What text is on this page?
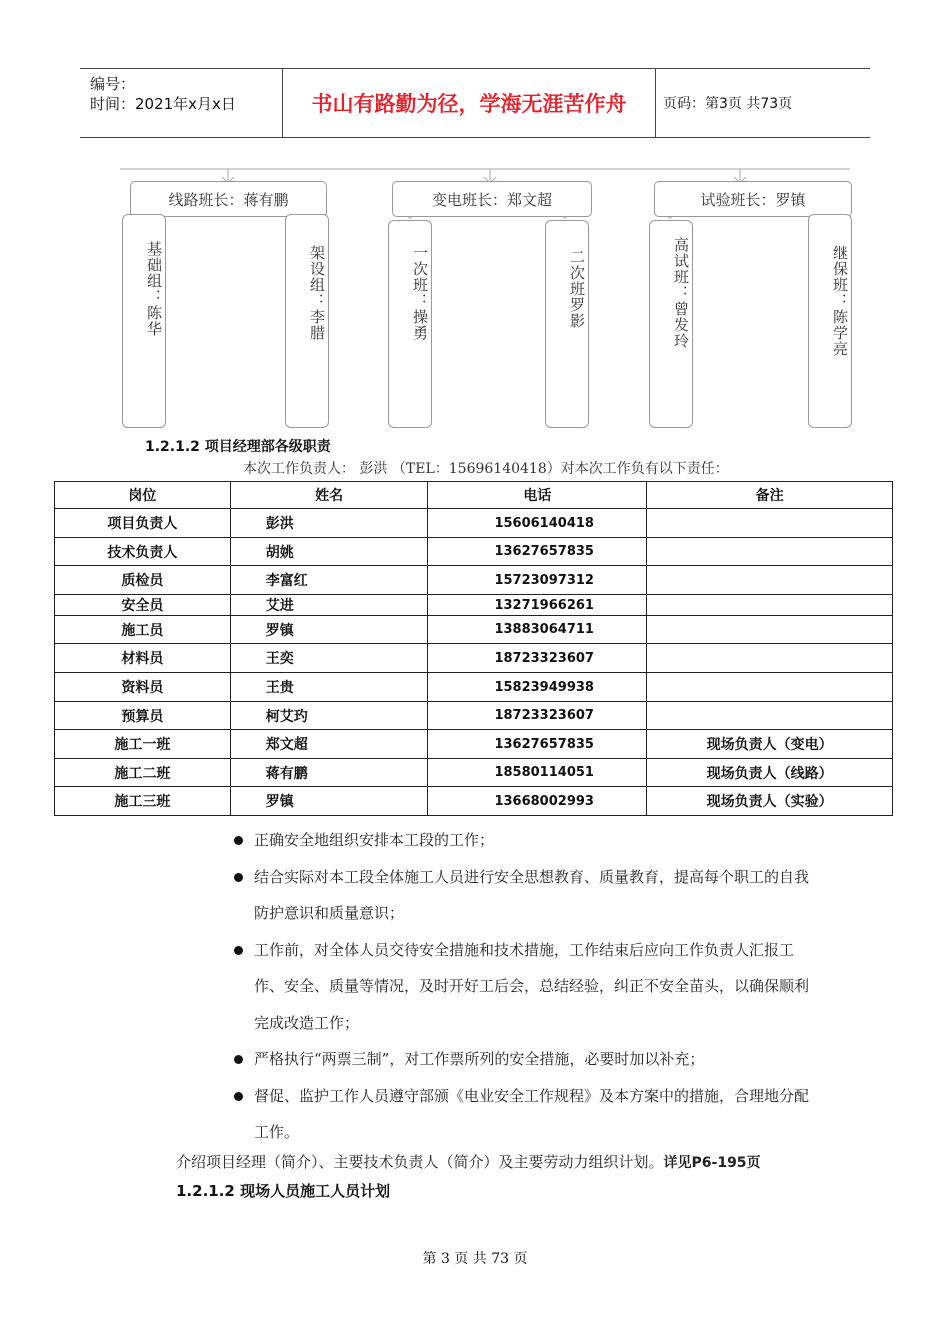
编号：
时间：2021年x月x日	书山有路勤为径，学海无涯苦作舟	页码：第3页 共73页
线路班长：蒋有鹏	变电班长：郑文超	试验班长：罗镇
基础组：陈华	架设组：李腊	一次班：操勇	二次班罗影	高试班：曾发玲	继保班：陈学亮
1.2.1.2 项目经理部各级职责
本次工作负责人： 彭洪 （TEL：15696140418）对本次工作负有以下责任：
岗位	姓名	电话	备注
项目负责人	彭洪	15606140418	
技术负责人	胡姚	13627657835	
质检员	李富红	15723097312	
安全员	艾进	13271966261	
施工员	罗镇	13883064711	
材料员	王奕	18723323607	
资料员	王贵	15823949938	
预算员	柯艾玓	18723323607	
施工一班	郑文超	13627657835	现场负责人（变电）
施工二班	蒋有鹏	18580114051	现场负责人（线路）
施工三班	罗镇	13668002993	现场负责人（实验）
正确安全地组织安排本工段的工作；
结合实际对本工段全体施工人员进行安全思想教育、质量教育，提高每个职工的自我防护意识和质量意识；
工作前，对全体人员交待安全措施和技术措施，工作结束后应向工作负责人汇报工作、安全、质量等情况，及时开好工后会，总结经验，纠正不安全苗头，以确保顺利完成改造工作；
严格执行“两票三制”，对工作票所列的安全措施，必要时加以补充；
督促、监护工作人员遵守部颁《电业安全工作规程》及本方案中的措施，合理地分配工作。
介绍项目经理（简介）、主要技术负责人（简介）及主要劳动力组织计划。详见P6-195页
1.2.1.2 现场人员施工人员计划
第 3 页 共 73 页
